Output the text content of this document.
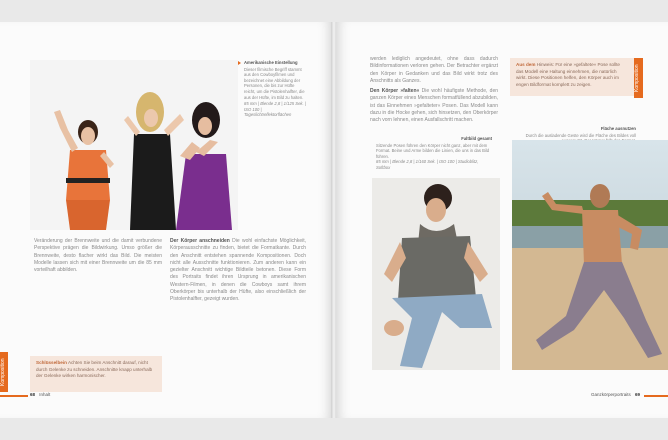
Amerikanische Einstellung
Dieser filmische Begriff stammt aus den Cowboyfilmen und bezeichnet eine Abbildung der Personen, die bis zur Hüfte reicht, um die Pistolenhalfter, die aus der Hüfte, im Bild zu halten.
85 mm | Blende 2,8 | 1/125 Sek. | ISO 100 | Tageslichtreflektorflächen
Veränderung der Brennweite und die damit verbundene Perspektive prägen die Bildwirkung. Umso größer die Brennweite, desto flacher wirkt das Bild. Die meisten Modelle lassen sich mit einer Brennweite um die 85 mm vorteilhaft abbilden.
Schlüsselbein Achten Sie beim Anschnitt darauf, nicht durch Gelenke zu schneiden. Anschnitte knapp unterhalb der Gelenke wirken harmonischer.
Der Körper anschneiden Die wohl einfachste Möglichkeit, Körperausschnitte zu finden, bietet die Formatkante. Durch den Anschnitt entstehen spannende Kompositionen. Doch nicht alle Ausschnitte funktionieren. Zum anderen kann ein gezielter Anschnitt wichtige Bildteile betonen. Diese Form des Portraits findet ihren Ursprung in amerikanischen Western-Filmen, in denen die Cowboys samt ihrem Oberkörper bis unterhalb der Hüfte, also einschließlich der Pistolenhalfter, gezeigt wurden.
Komposition
68 Inhalt
werden lediglich angedeutet, ohne dass dadurch Bildinformationen verloren gehen. Der Betrachter ergänzt den Körper in Gedanken und das Bild wirkt trotz des Anschnitts als Ganzes.
Den Körper »falten« Die wohl häufigste Methode, den ganzen Körper eines Menschen formatfüllend abzubilden, ist das Einnehmen »gefalteter« Posen. Das Modell kann dazu in die Hocke gehen, sich hinsetzen, den Oberkörper nach vorn lehnen, einen Ausfallschritt machen.
Aus dem Hinweis: Für eine »gefaltete« Pose sollte das Modell eine Haltung einnehmen, die natürlich wirkt. Diese Positionen helfen, den Körper auch im engen Bildformat komplett zu zeigen.	Komposition
Faltbild gesamt
Sitzende Posen führen den Körper nicht ganz, aber mit dem Format. Beine und Arme bilden die Linien, die uns in das Bild führen.
85 mm | Blende 2,8 | 1/160 Sek. | ISO 100 | Studioblitz, Softbox
Fläche ausnutzen
Durch die ausladende Geste wird die Fläche des Bildes voll
Ganzkörperportraits 69
